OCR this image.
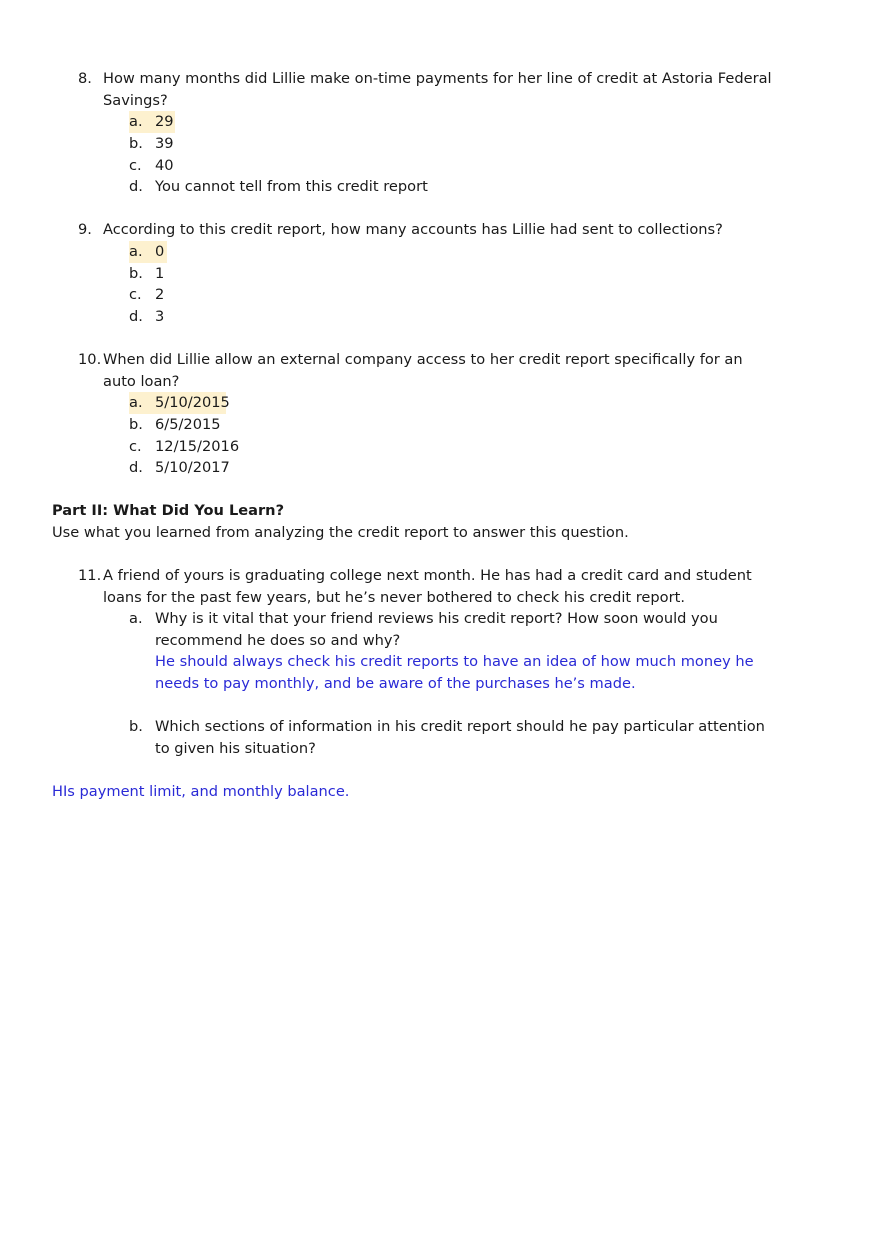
8. How many months did Lillie make on-time payments for her line of credit at Astoria Federal
Savings?
a. 29
b. 39
c. 40
d. You cannot tell from this credit report
9. According to this credit report, how many accounts has Lillie had sent to collections?
a. 0
b. 1
c. 2
d. 3
10. When did Lillie allow an external company access to her credit report specifically for an
auto loan?
a. 5/10/2015
b. 6/5/2015
c. 12/15/2016
d. 5/10/2017
Part II: What Did You Learn?
Use what you learned from analyzing the credit report to answer this question.
11. A friend of yours is graduating college next month. He has had a credit card and student
loans for the past few years, but he’s never bothered to check his credit report.
a. Why is it vital that your friend reviews his credit report? How soon would you
recommend he does so and why?
He should always check his credit reports to have an idea of how much money he
needs to pay monthly, and be aware of the purchases he’s made.
b. Which sections of information in his credit report should he pay particular attention
to given his situation?
HIs payment limit, and monthly balance.
